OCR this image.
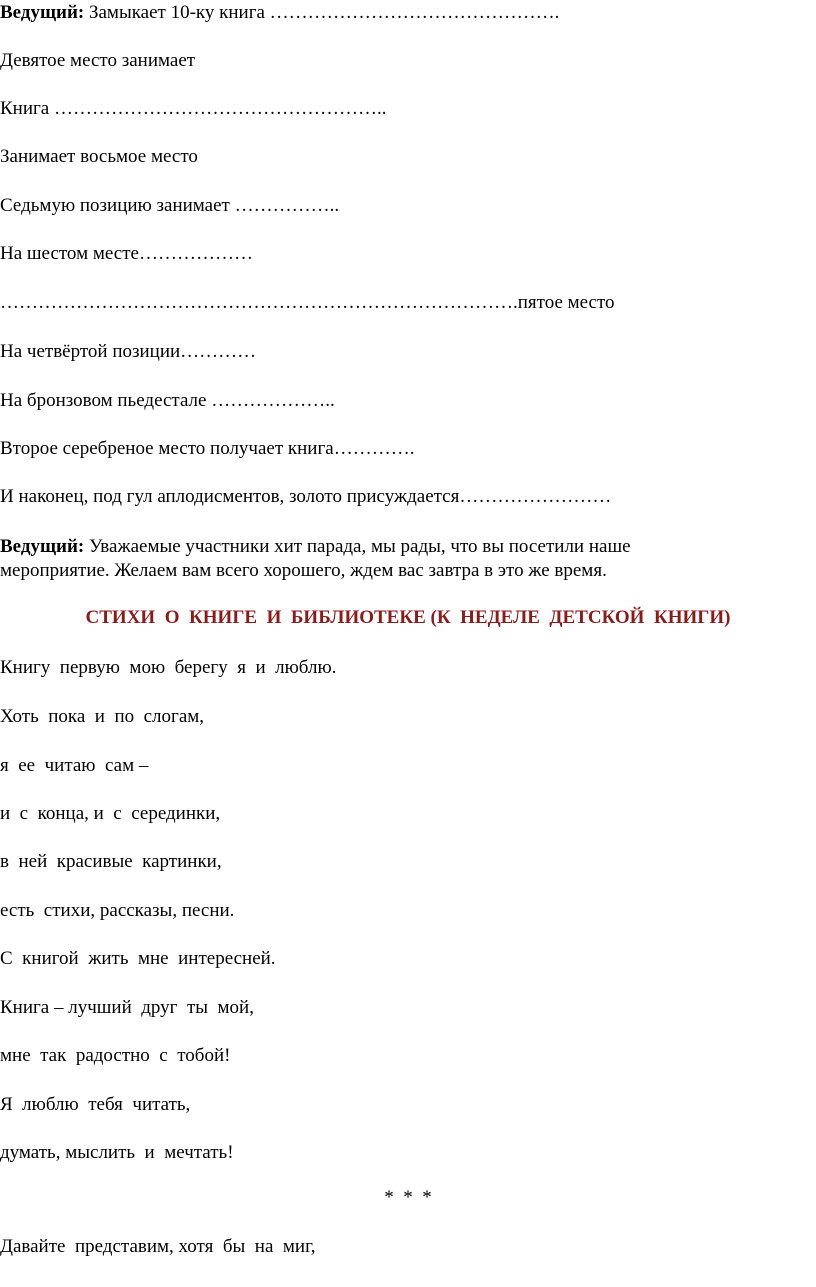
Ведущий: Замыкает 10-ку книга ……………………………………….
Девятое место занимает
Книга ……………………………………………..
Занимает восьмое место
Седьмую позицию занимает ……………..
На шестом месте………………
……………………………………………………………………….пятое место
На четвёртой позиции…………
На бронзовом пьедестале ………………..
Второе серебреное место получает книга………….
И наконец, под гул аплодисментов, золото присуждается……………………
Ведущий: Уважаемые участники хит парада, мы рады, что вы посетили наше
мероприятие. Желаем вам всего хорошего, ждем вас завтра в это же время.
СТИХИ  О  КНИГЕ  И  БИБЛИОТЕКЕ (К  НЕДЕЛЕ  ДЕТСКОЙ  КНИГИ)
Книгу  первую  мою  берегу  я  и  люблю.
Хоть  пока  и  по  слогам,
я  ее  читаю  сам –
и  с  конца, и  с  серединки,
в  ней  красивые  картинки,
есть  стихи, рассказы, песни.
С  книгой  жить  мне  интересней.
Книга – лучший  друг  ты  мой,
мне  так  радостно  с  тобой!
Я  люблю  тебя  читать,
думать, мыслить  и  мечтать!
*  *  *
Давайте  представим, хотя  бы  на  миг,
